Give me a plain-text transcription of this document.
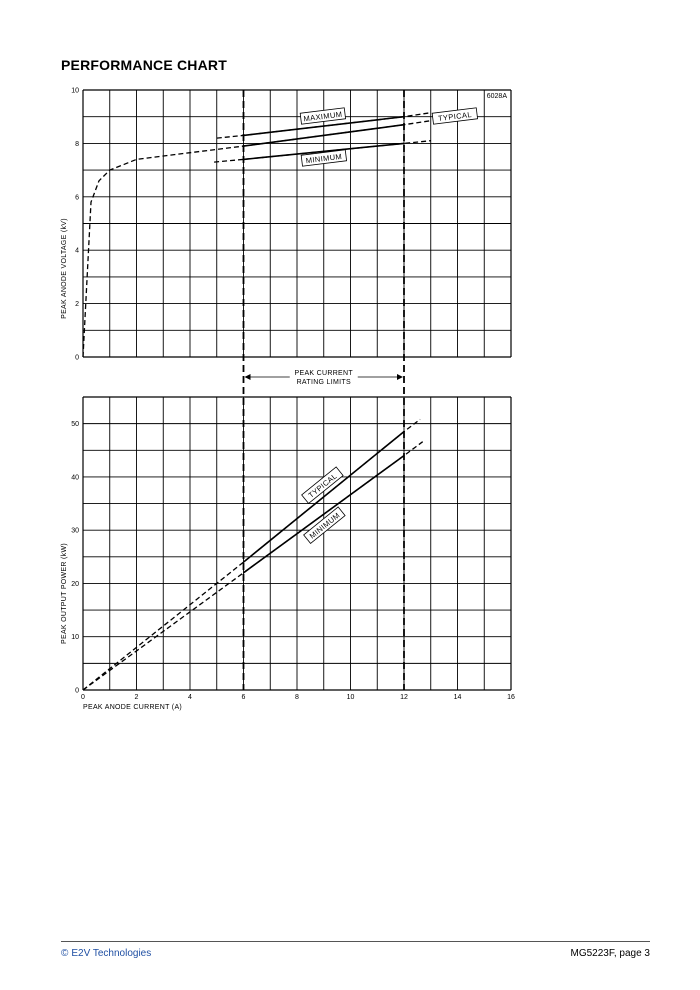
PERFORMANCE CHART
0
2
4
6
8
10
0
10
20
30
40
50
0	2	4	6	8	10	12	14	16
PEAK ANODE VOLTAGE (kV)
PEAK OUTPUT POWER (kW)
PEAK ANODE CURRENT (A)
6028A
PEAK CURRENT
RATING LIMITS
MAXIMUM	TYPICAL
MINIMUM
TYPICAL
MINIMUM
© E2V Technologies	MG5223F, page 3
